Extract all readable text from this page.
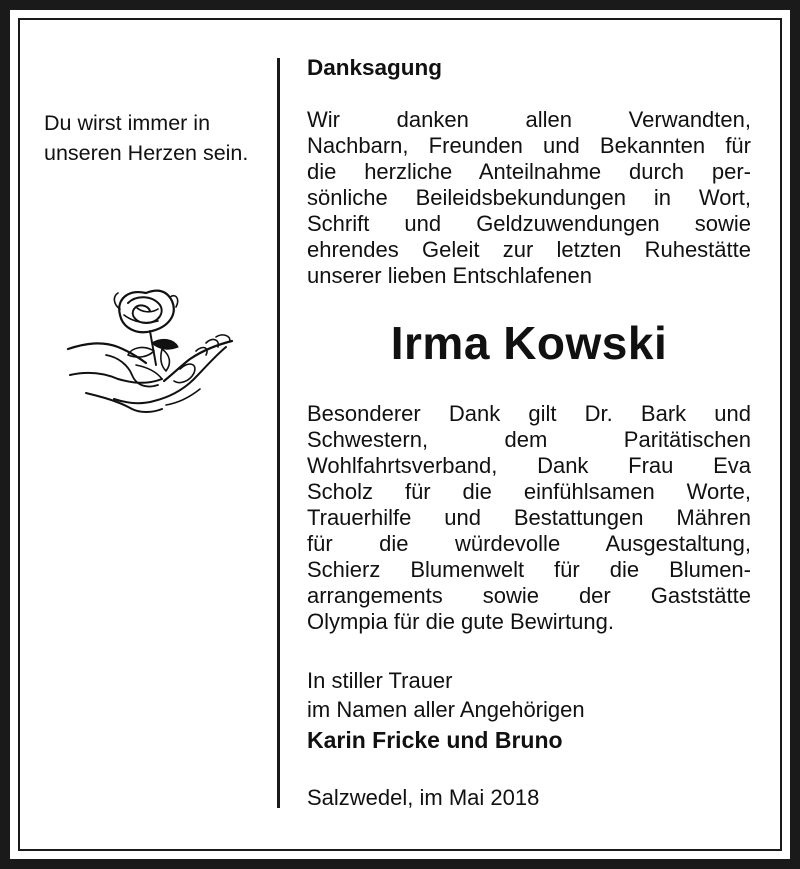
Du wirst immer in
unseren Herzen sein.
Danksagung
Wir danken allen Verwandten,
Nachbarn, Freunden und Bekannten für
die herzliche Anteilnahme durch per-
sönliche Beileidsbekundungen in Wort,
Schrift und Geldzuwendungen sowie
ehrendes Geleit zur letzten Ruhestätte
unserer lieben Entschlafenen
Irma Kowski
Besonderer Dank gilt Dr. Bark und
Schwestern, dem Paritätischen
Wohlfahrtsverband, Dank Frau Eva
Scholz für die einfühlsamen Worte,
Trauerhilfe und Bestattungen Mähren
für die würdevolle Ausgestaltung,
Schierz Blumenwelt für die Blumen-
arrangements sowie der Gaststätte
Olympia für die gute Bewirtung.
In stiller Trauer
im Namen aller Angehörigen
Karin Fricke und Bruno
Salzwedel, im Mai 2018
